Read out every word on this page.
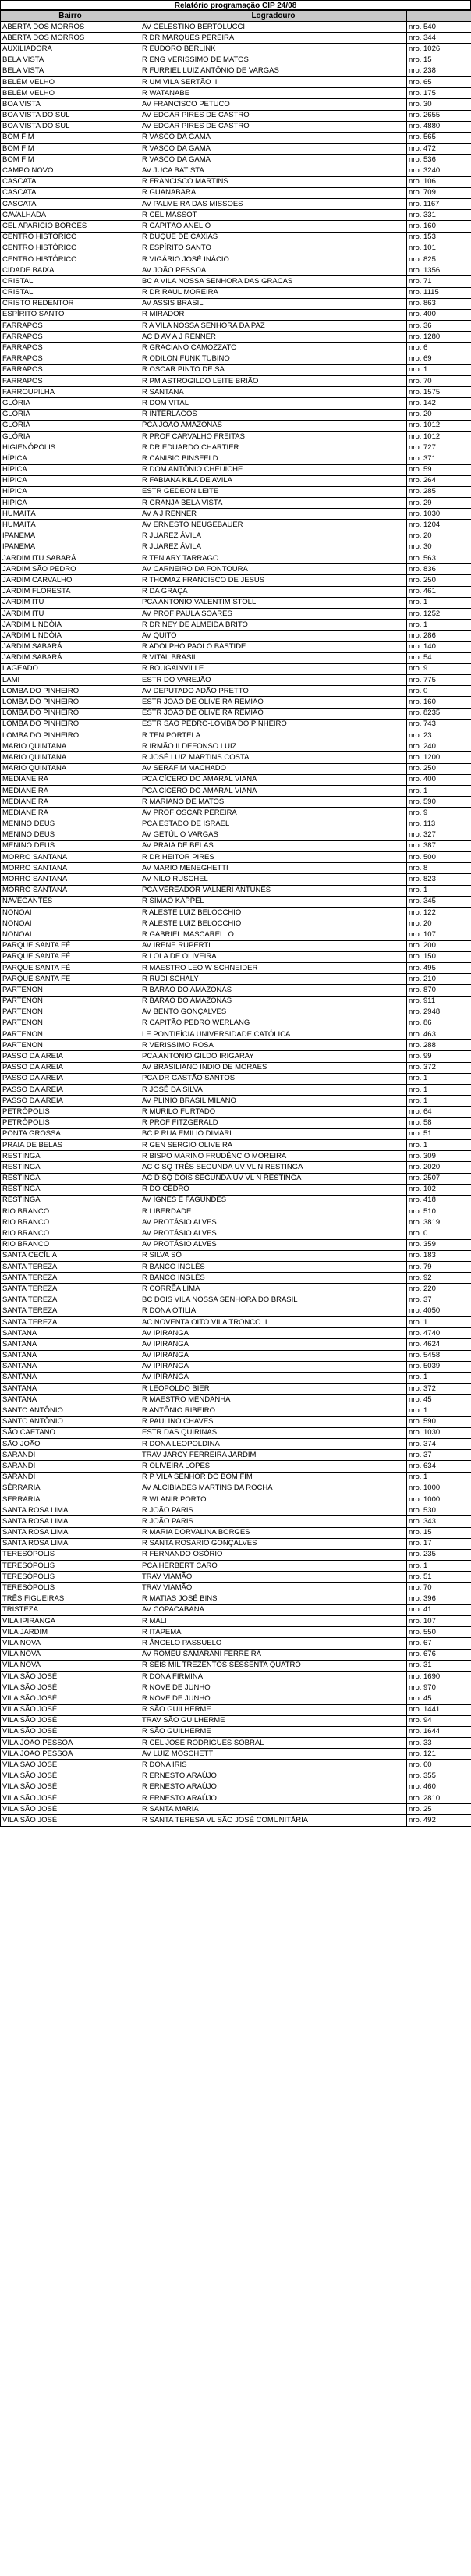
Relatório programação CIP 24/08
Bairro	Logradouro	
ABERTA DOS MORROS	AV CELESTINO BERTOLUCCI	nro. 540
ABERTA DOS MORROS	R DR MARQUES PEREIRA	nro. 344
AUXILIADORA	R EUDORO BERLINK	nro. 1026
BELA VISTA	R ENG VERISSIMO DE MATOS	nro. 15
BELA VISTA	R FURRIEL LUIZ ANTÔNIO DE VARGAS	nro. 238
BELÉM VELHO	R UM VILA SERTÃO II	nro. 65
BELÉM VELHO	R WATANABE	nro. 175
BOA VISTA	AV FRANCISCO PETUCO	nro. 30
BOA VISTA DO SUL	AV EDGAR PIRES DE CASTRO	nro. 2655
BOA VISTA DO SUL	AV EDGAR PIRES DE CASTRO	nro. 4880
BOM FIM	R VASCO DA GAMA	nro. 565
BOM FIM	R VASCO DA GAMA	nro. 472
BOM FIM	R VASCO DA GAMA	nro. 536
CAMPO NOVO	AV JUCA BATISTA	nro. 3240
CASCATA	R FRANCISCO MARTINS	nro. 106
CASCATA	R GUANABARA	nro. 709
CASCATA	AV PALMEIRA DAS MISSOES	nro. 1167
CAVALHADA	R CEL MASSOT	nro. 331
CEL APARICIO BORGES	R CAPITÃO ANÉLIO	nro. 160
CENTRO HISTÓRICO	R DUQUE DE CAXIAS	nro. 153
CENTRO HISTÓRICO	R ESPÍRITO SANTO	nro. 101
CENTRO HISTÓRICO	R VIGÁRIO JOSÉ INÁCIO	nro. 825
CIDADE BAIXA	AV JOÃO PESSOA	nro. 1356
CRISTAL	BC A VILA NOSSA SENHORA DAS GRACAS	nro. 71
CRISTAL	R DR RAUL MOREIRA	nro. 1115
CRISTO REDENTOR	AV ASSIS BRASIL	nro. 863
ESPÍRITO SANTO	R MIRADOR	nro. 400
FARRAPOS	R A VILA NOSSA SENHORA DA PAZ	nro. 36
FARRAPOS	AC D AV A J RENNER	nro. 1280
FARRAPOS	R GRACIANO CAMOZZATO	nro. 6
FARRAPOS	R ODILON FUNK TUBINO	nro. 69
FARRAPOS	R OSCAR PINTO DE SA	nro. 1
FARRAPOS	R PM ASTROGILDO LEITE BRIÃO	nro. 70
FARROUPILHA	R SANTANA	nro. 1575
GLÓRIA	R DOM VITAL	nro. 142
GLÓRIA	R INTERLAGOS	nro. 20
GLÓRIA	PCA JOÃO AMAZONAS	nro. 1012
GLÓRIA	R PROF CARVALHO FREITAS	nro. 1012
HIGIENÓPOLIS	R DR EDUARDO CHARTIER	nro. 727
HÍPICA	R CANISIO BINSFELD	nro. 371
HÍPICA	R DOM ANTÔNIO CHEUICHE	nro. 59
HÍPICA	R FABIANA KILA DE AVILA	nro. 264
HÍPICA	ESTR GEDEON LEITE	nro. 285
HÍPICA	R GRANJA BELA VISTA	nro. 29
HUMAITÁ	AV A J RENNER	nro. 1030
HUMAITÁ	AV ERNESTO NEUGEBAUER	nro. 1204
IPANEMA	R JUAREZ ÁVILA	nro. 20
IPANEMA	R JUAREZ ÁVILA	nro. 30
JARDIM ITU SABARÁ	R TEN ARY TARRAGO	nro. 563
JARDIM SÃO PEDRO	AV CARNEIRO DA FONTOURA	nro. 836
JARDIM CARVALHO	R THOMAZ FRANCISCO DE JESUS	nro. 250
JARDIM FLORESTA	R DA GRAÇA	nro. 461
JARDIM ITU	PCA ANTONIO VALENTIM STOLL	nro. 1
JARDIM ITU	AV PROF PAULA SOARES	nro. 1252
JARDIM LINDÓIA	R DR NEY DE ALMEIDA BRITO	nro. 1
JARDIM LINDÓIA	AV QUITO	nro. 286
JARDIM SABARÁ	R ADOLPHO PAOLO BASTIDE	nro. 140
JARDIM SABARÁ	R VITAL BRASIL	nro. 54
LAGEADO	R BOUGAINVILLE	nro. 9
LAMI	ESTR DO VAREJÃO	nro. 775
LOMBA DO PINHEIRO	AV DEPUTADO ADÃO PRETTO	nro. 0
LOMBA DO PINHEIRO	ESTR JOÃO DE OLIVEIRA REMIÃO	nro. 160
LOMBA DO PINHEIRO	ESTR JOÃO DE OLIVEIRA REMIÃO	nro. 8235
LOMBA DO PINHEIRO	ESTR SÃO PEDRO-LOMBA DO PINHEIRO	nro. 743
LOMBA DO PINHEIRO	R TEN PORTELA	nro. 23
MARIO QUINTANA	R IRMÃO ILDEFONSO LUIZ	nro. 240
MARIO QUINTANA	R JOSÉ LUIZ MARTINS COSTA	nro. 1200
MARIO QUINTANA	AV SERAFIM MACHADO	nro. 250
MEDIANEIRA	PCA CÍCERO DO AMARAL VIANA	nro. 400
MEDIANEIRA	PCA CÍCERO DO AMARAL VIANA	nro. 1
MEDIANEIRA	R MARIANO DE MATOS	nro. 590
MEDIANEIRA	AV PROF OSCAR PEREIRA	nro. 9
MENINO DEUS	PCA ESTADO DE ISRAEL	nro. 113
MENINO DEUS	AV GETÚLIO VARGAS	nro. 327
MENINO DEUS	AV PRAIA DE BELAS	nro. 387
MORRO SANTANA	R DR HEITOR PIRES	nro. 500
MORRO SANTANA	AV MARIO MENEGHETTI	nro. 8
MORRO SANTANA	AV NILO RUSCHEL	nro. 823
MORRO SANTANA	PCA VEREADOR VALNERI ANTUNES	nro. 1
NAVEGANTES	R SIMAO KAPPEL	nro. 345
NONOAI	R ALESTE LUIZ BELOCCHIO	nro. 122
NONOAI	R ALESTE LUIZ BELOCCHIO	nro. 20
NONOAI	R GABRIEL MASCARELLO	nro. 107
PARQUE SANTA FÉ	AV IRENE RUPERTI	nro. 200
PARQUE SANTA FÉ	R LOLA DE OLIVEIRA	nro. 150
PARQUE SANTA FÉ	R MAESTRO LEO W SCHNEIDER	nro. 495
PARQUE SANTA FÉ	R RUDI SCHALY	nro. 210
PARTENON	R BARÃO DO AMAZONAS	nro. 870
PARTENON	R BARÃO DO AMAZONAS	nro. 911
PARTENON	AV BENTO GONÇALVES	nro. 2948
PARTENON	R CAPITÃO PEDRO WERLANG	nro. 86
PARTENON	LE PONTIFÍCIA UNIVERSIDADE CATÓLICA	nro. 463
PARTENON	R VERISSIMO ROSA	nro. 288
PASSO DA AREIA	PCA ANTONIO GILDO IRIGARAY	nro. 99
PASSO DA AREIA	AV BRASILIANO INDIO DE MORAES	nro. 372
PASSO DA AREIA	PCA DR GASTÃO SANTOS	nro. 1
PASSO DA AREIA	R JOSÉ DA SILVA	nro. 1
PASSO DA AREIA	AV PLINIO BRASIL MILANO	nro. 1
PETRÓPOLIS	R MURILO FURTADO	nro. 64
PETRÓPOLIS	R PROF FITZGERALD	nro. 58
PONTA GROSSA	BC P RUA EMILIO DIMARI	nro. 51
PRAIA DE BELAS	R GEN SERGIO OLIVEIRA	nro. 1
RESTINGA	R BISPO MARINO FRUDÊNCIO MOREIRA	nro. 309
RESTINGA	AC C SQ TRÊS SEGUNDA UV VL N RESTINGA	nro. 2020
RESTINGA	AC D SQ DOIS SEGUNDA UV VL N RESTINGA	nro. 2507
RESTINGA	R DO CEDRO	nro. 102
RESTINGA	AV IGNES E FAGUNDES	nro. 418
RIO BRANCO	R LIBERDADE	nro. 510
RIO BRANCO	AV PROTÁSIO ALVES	nro. 3819
RIO BRANCO	AV PROTÁSIO ALVES	nro. 0
RIO BRANCO	AV PROTÁSIO ALVES	nro. 359
SANTA CECÍLIA	R SILVA SÓ	nro. 183
SANTA TEREZA	R BANCO INGLÊS	nro. 79
SANTA TEREZA	R BANCO INGLÊS	nro. 92
SANTA TEREZA	R CORRÊA LIMA	nro. 220
SANTA TEREZA	BC DOIS VILA NOSSA SENHORA DO BRASIL	nro. 37
SANTA TEREZA	R DONA OTILIA	nro. 4050
SANTA TEREZA	AC NOVENTA OITO VILA TRONCO II	nro. 1
SANTANA	AV IPIRANGA	nro. 4740
SANTANA	AV IPIRANGA	nro. 4624
SANTANA	AV IPIRANGA	nro. 5458
SANTANA	AV IPIRANGA	nro. 5039
SANTANA	AV IPIRANGA	nro. 1
SANTANA	R LEOPOLDO BIER	nro. 372
SANTANA	R MAESTRO MENDANHA	nro. 45
SANTO ANTÔNIO	R ANTÔNIO RIBEIRO	nro. 1
SANTO ANTÔNIO	R PAULINO CHAVES	nro. 590
SÃO CAETANO	ESTR DAS QUIRINAS	nro. 1030
SÃO JOÃO	R DONA LEOPOLDINA	nro. 374
SARANDI	TRAV JARCY FERREIRA JARDIM	nro. 37
SARANDI	R OLIVEIRA LOPES	nro. 634
SARANDI	R P VILA SENHOR DO BOM FIM	nro. 1
SÉRRARIA	AV ALCIBIADES MARTINS DA ROCHA	nro. 1000
SERRARIA	R WLANIR PORTO	nro. 1000
SANTA ROSA LIMA	R JOÃO PARIS	nro. 530
SANTA ROSA LIMA	R JOÃO PARIS	nro. 343
SANTA ROSA LIMA	R MARIA DORVALINA BORGES	nro. 15
SANTA ROSA LIMA	R SANTA ROSARIO GONÇALVES	nro. 17
TERESÓPOLIS	R FERNANDO OSÓRIO	nro. 235
TERESÓPOLIS	PCA HERBERT CARO	nro. 1
TERESÓPOLIS	TRAV VIAMÃO	nro. 51
TERESÓPOLIS	TRAV VIAMÃO	nro. 70
TRÊS FIGUEIRAS	R MATIAS JOSÉ BINS	nro. 396
TRISTEZA	AV COPACABANA	nro. 41
VILA IPIRANGA	R MALI	nro. 107
VILA JARDIM	R ITAPEMA	nro. 550
VILA NOVA	R ÂNGELO PASSUELO	nro. 67
VILA NOVA	AV ROMEU SAMARANI FERREIRA	nro. 676
VILA NOVA	R SEIS MIL TREZENTOS SESSENTA QUATRO	nro. 31
VILA SÃO JOSÉ	R DONA FIRMINA	nro. 1690
VILA SÃO JOSÉ	R NOVE DE JUNHO	nro. 970
VILA SÃO JOSÉ	R NOVE DE JUNHO	nro. 45
VILA SÃO JOSÉ	R SÃO GUILHERME	nro. 1441
VILA SÃO JOSÉ	TRAV SÃO GUILHERME	nro. 94
VILA SÃO JOSÉ	R SÃO GUILHERME	nro. 1644
VILA JOÃO PESSOA	R CEL JOSÉ RODRIGUES SOBRAL	nro. 33
VILA JOÃO PESSOA	AV LUIZ MOSCHETTI	nro. 121
VILA SÃO JOSÉ	R DONA IRIS	nro. 60
VILA SÃO JOSÉ	R ERNESTO ARAÚJO	nro. 355
VILA SÃO JOSÉ	R ERNESTO ARAÚJO	nro. 460
VILA SÃO JOSÉ	R ERNESTO ARAÚJO	nro. 2810
VILA SÃO JOSÉ	R SANTA MARIA	nro. 25
VILA SÃO JOSÉ	R SANTA TERESA VL SÃO JOSÉ COMUNITÁRIA	nro. 492
